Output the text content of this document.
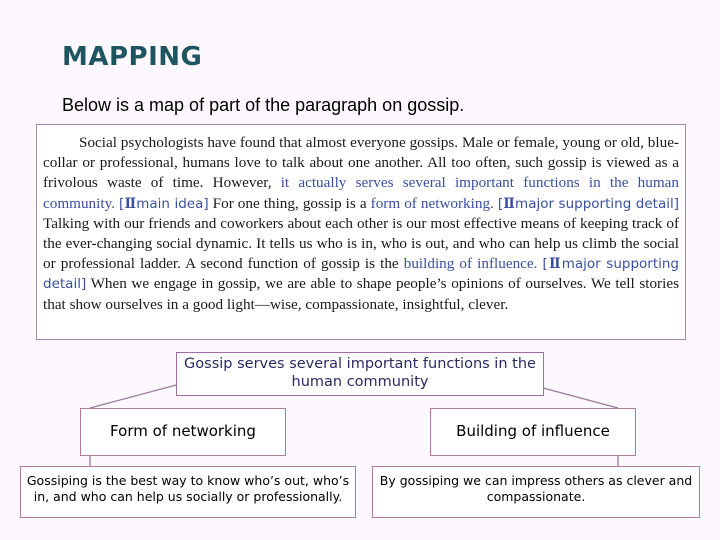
MAPPING
Below is a map of part of the paragraph on gossip.
Social psychologists have found that almost everyone gossips. Male or female, young or old, blue-collar or professional, humans love to talk about one another. All too often, such gossip is viewed as a frivolous waste of time. However, it actually serves several important functions in the human community. [Ⅱmain idea] For one thing, gossip is a form of networking. [Ⅱmajor supporting detail] Talking with our friends and coworkers about each other is our most effective means of keeping track of the ever-changing social dynamic. It tells us who is in, who is out, and who can help us climb the social or professional ladder. A second function of gossip is the building of influence. [Ⅱmajor supporting detail] When we engage in gossip, we are able to shape people’s opinions of ourselves. We tell stories that show ourselves in a good light—wise, compassionate, insightful, clever.
Gossip serves several important functions in the human community
Form of networking	Building of influence
Gossiping is the best way to know who’s out, who’s in, and who can help us socially or professionally.
By gossiping we can impress others as clever and compassionate.
